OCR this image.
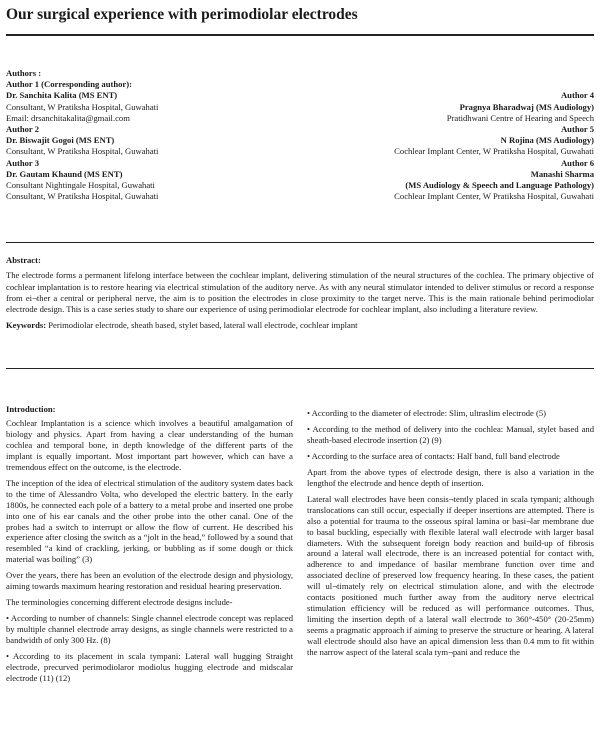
Our surgical experience with perimodiolar electrodes
Authors :
Author 1 (Corresponding author):
Dr. Sanchita Kalita (MS ENT)
Consultant, W Pratiksha Hospital, Guwahati
Email: drsanchitakalita@gmail.com
Author 2
Dr. Biswajit Gogoi (MS ENT)
Consultant, W Pratiksha Hospital, Guwahati
Author 3
Dr. Gautam Khaund (MS ENT)
Consultant Nightingale Hospital, Guwahati
Consultant, W Pratiksha Hospital, Guwahati
Author 4
Pragnya Bharadwaj (MS Audiology)
Pratidhwani Centre of Hearing and Speech
Author 5
N Rojina (MS Audiology)
Cochlear Implant Center, W Pratiksha Hospital, Guwahati
Author 6
Manashi Sharma
(MS Audiology & Speech and Language Pathology)
Cochlear Implant Center, W Pratiksha Hospital, Guwahati
Abstract:

The electrode forms a permanent lifelong interface between the cochlear implant, delivering stimulation of the neural structures of the cochlea. The primary objective of cochlear implantation is to restore hearing via electrical stimulation of the auditory nerve. As with any neural stimulator intended to deliver stimulus or record a response from ei¬ther a central or peripheral nerve, the aim is to position the electrodes in close proximity to the target nerve. This is the main rationale behind perimodiolar electrode design. This is a case series study to share our experience of using perimodiolar electrode for cochlear implant, also including a literature review.

Keywords: Perimodiolar electrode, sheath based, stylet based, lateral wall electrode, cochlear implant

Introduction:

Cochlear Implantation is a science which involves a beautiful amalgamation of biology and physics. Apart from having a clear understanding of the human cochlea and temporal bone, in depth knowledge of the different parts of the implant is equally important. Most important part however, which can have a tremendous effect on the outcome, is the electrode.

The inception of the idea of electrical stimulation of the auditory system dates back to the time of Alessandro Volta, who developed the electric battery. In the early 1800s, he connected each pole of a battery to a metal probe and inserted one probe into one of his ear canals and the other probe into the other canal. One of the probes had a switch to interrupt or allow the flow of current. He described his experience after closing the switch as a “jolt in the head,” followed by a sound that resembled “a kind of crackling, jerking, or bubbling as if some dough or thick material was boiling” (3)

Over the years, there has been an evolution of the electrode design and physiology, aiming towards maximum hearing restoration and residual hearing preservation.

The terminologies concerning different electrode designs include-

• According to number of channels: Single channel electrode concept was replaced by multiple channel electrode array designs, as single channels were restricted to a bandwidth of only 300 Hz. (8)

• According to its placement in scala tympani: Lateral wall hugging Straight electrode, precurved perimodiolaror modiolus hugging electrode and midscalar electrode (11) (12)

• According to the diameter of electrode: Slim, ultraslim electrode (5)

• According to the method of delivery into the cochlea: Manual, stylet based and sheath-based electrode insertion (2) (9)

• According to the surface area of contacts: Half band, full band electrode

Apart from the above types of electrode design, there is also a variation in the lengthof the electrode and hence depth of insertion.

Lateral wall electrodes have been consis¬tently placed in scala tympani; although translocations can still occur, especially if deeper insertions are attempted. There is also a potential for trauma to the osseous spiral lamina or basi¬lar membrane due to basal buckling, especially with flexible lateral wall electrode with larger basal diameters. With the subsequent foreign body reaction and build-up of fibrosis around a lateral wall electrode, there is an increased potential for contact with, adherence to and impedance of basilar membrane function over time and associated decline of preserved low frequency hearing. In these cases, the patient will ul¬timately rely on electrical stimulation alone, and with the electrode contacts positioned much further away from the auditory nerve electrical stimulation efficiency will be reduced as will performance outcomes. Thus, limiting the insertion depth of a lateral wall electrode to 360°-450° (20-25mm) seems a pragmatic approach if aiming to preserve the structure or hearing. A lateral wall electrode should also have an apical dimension less than 0.4 mm to fit within the narrow aspect of the lateral scala tym¬pani and reduce the
